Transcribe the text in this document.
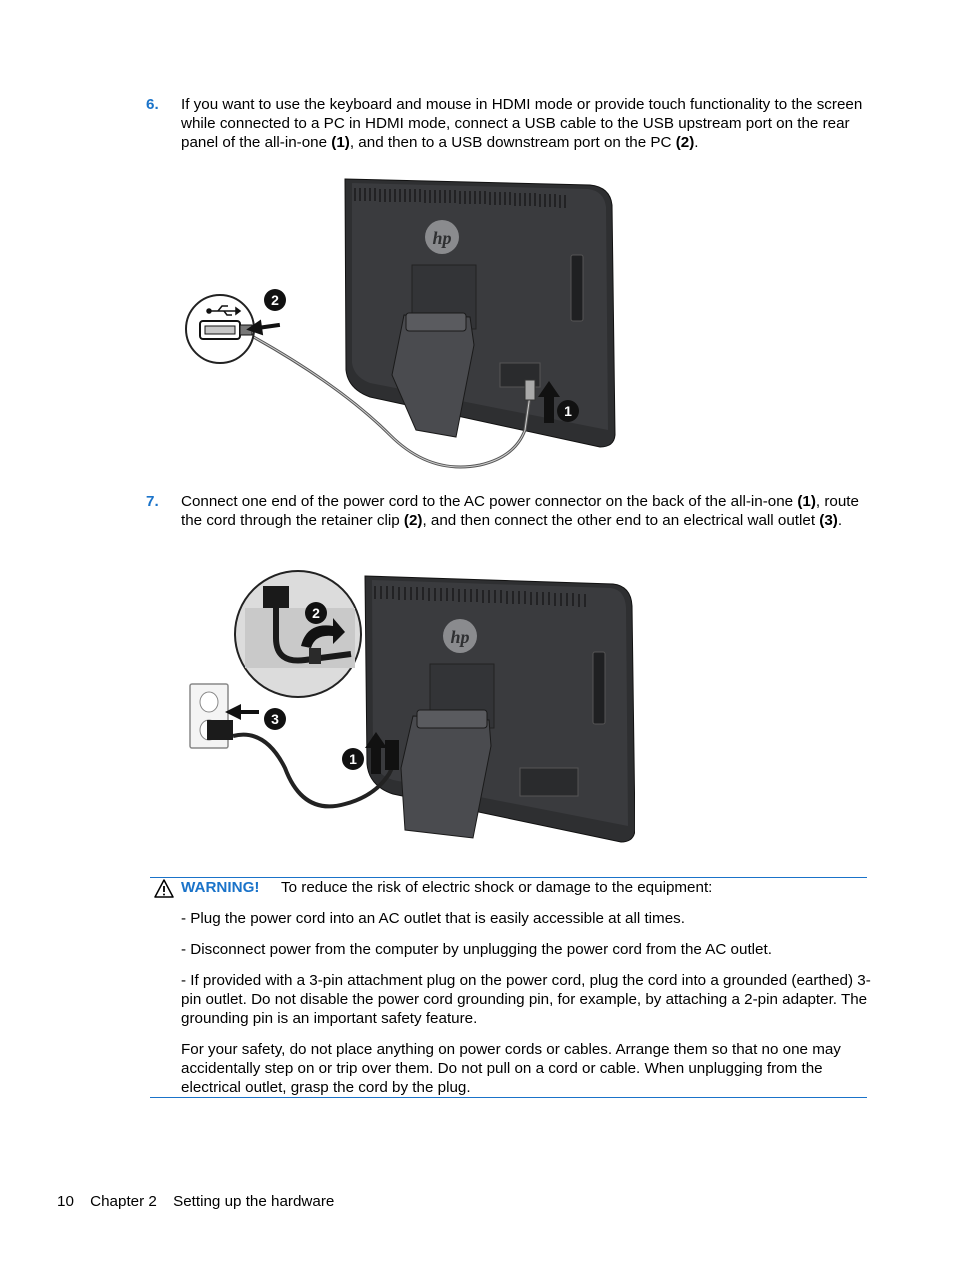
6. If you want to use the keyboard and mouse in HDMI mode or provide touch functionality to the screen while connected to a PC in HDMI mode, connect a USB cable to the USB upstream port on the rear panel of the all-in-one (1), and then to a USB downstream port on the PC (2).

hp
1
2
7. Connect one end of the power cord to the AC power connector on the back of the all-in-one (1), route the cord through the retainer clip (2), and then connect the other end to an electrical wall outlet (3).

hp
1
3
2
WARNING! To reduce the risk of electric shock or damage to the equipment:

- Plug the power cord into an AC outlet that is easily accessible at all times.

- Disconnect power from the computer by unplugging the power cord from the AC outlet.

- If provided with a 3-pin attachment plug on the power cord, plug the cord into a grounded (earthed) 3-pin outlet. Do not disable the power cord grounding pin, for example, by attaching a 2-pin adapter. The grounding pin is an important safety feature.

For your safety, do not place anything on power cords or cables. Arrange them so that no one may accidentally step on or trip over them. Do not pull on a cord or cable. When unplugging from the electrical outlet, grasp the cord by the plug.

10 Chapter 2 Setting up the hardware
